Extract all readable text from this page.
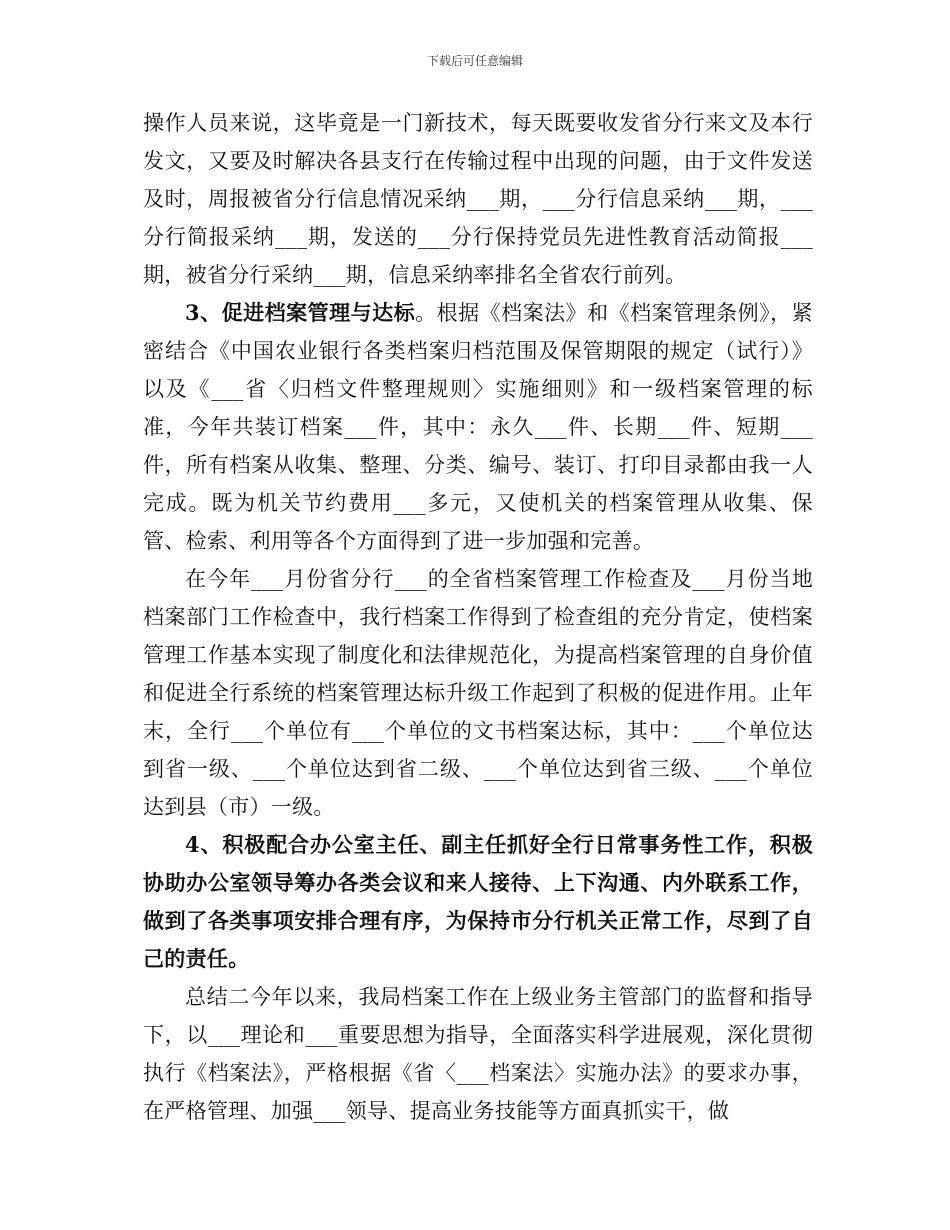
下载后可任意编辑

操作人员来说，这毕竟是一门新技术，每天既要收发省分行来文及本行发文，又要及时解决各县支行在传输过程中出现的问题，由于文件发送及时，周报被省分行信息情况采纳___期，___分行信息采纳___期，___分行简报采纳___期，发送的___分行保持党员先进性教育活动简报___期，被省分行采纳___期，信息采纳率排名全省农行前列。

3、促进档案管理与达标。根据《档案法》和《档案管理条例》，紧密结合《中国农业银行各类档案归档范围及保管期限的规定（试行）》以及《___省〈归档文件整理规则〉实施细则》和一级档案管理的标准，今年共装订档案___件，其中：永久___件、长期___件、短期___件，所有档案从收集、整理、分类、编号、装订、打印目录都由我一人完成。既为机关节约费用___多元，又使机关的档案管理从收集、保管、检索、利用等各个方面得到了进一步加强和完善。

在今年___月份省分行___的全省档案管理工作检查及___月份当地档案部门工作检查中，我行档案工作得到了检查组的充分肯定，使档案管理工作基本实现了制度化和法律规范化，为提高档案管理的自身价值和促进全行系统的档案管理达标升级工作起到了积极的促进作用。止年末，全行___个单位有___个单位的文书档案达标，其中：___个单位达到省一级、___个单位达到省二级、___个单位达到省三级、___个单位达到县（市）一级。

4、积极配合办公室主任、副主任抓好全行日常事务性工作，积极协助办公室领导筹办各类会议和来人接待、上下沟通、内外联系工作，做到了各类事项安排合理有序，为保持市分行机关正常工作，尽到了自己的责任。

总结二今年以来，我局档案工作在上级业务主管部门的监督和指导下，以___理论和___重要思想为指导，全面落实科学进展观，深化贯彻执行《档案法》，严格根据《省〈___档案法〉实施办法》的要求办事，在严格管理、加强___领导、提高业务技能等方面真抓实干，做
